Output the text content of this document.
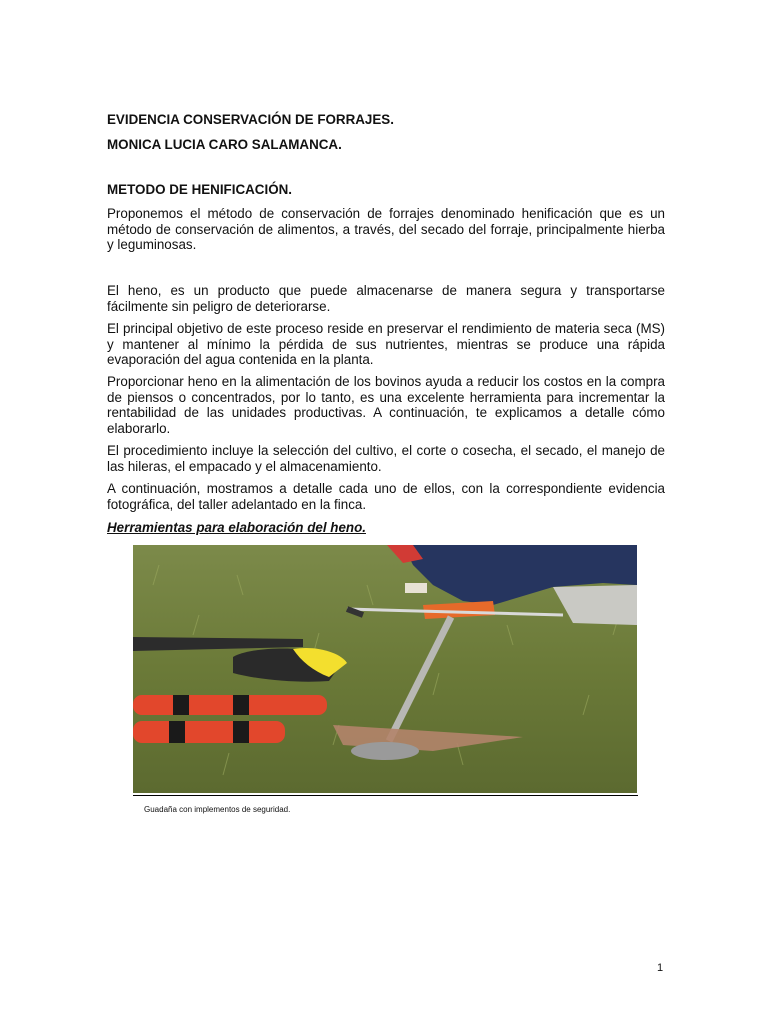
EVIDENCIA CONSERVACIÓN DE FORRAJES.
MONICA LUCIA CARO SALAMANCA.
METODO DE HENIFICACIÓN.
Proponemos el método de conservación de forrajes denominado henificación que es un método de conservación de alimentos, a través, del secado del forraje, principalmente hierba y leguminosas.
El heno, es un producto que puede almacenarse de manera segura y transportarse fácilmente sin peligro de deteriorarse.
El principal objetivo de este proceso reside en preservar el rendimiento de materia seca (MS) y mantener al mínimo la pérdida de sus nutrientes, mientras se produce una rápida evaporación del agua contenida en la planta.
Proporcionar heno en la alimentación de los bovinos ayuda a reducir los costos en la compra de piensos o concentrados, por lo tanto, es una excelente herramienta para incrementar la rentabilidad de las unidades productivas. A continuación, te explicamos a detalle cómo elaborarlo.
El procedimiento incluye la selección del cultivo, el corte o cosecha, el secado, el manejo de las hileras, el empacado y el almacenamiento.
A continuación, mostramos a detalle cada uno de ellos, con la correspondiente evidencia fotográfica, del taller adelantado en la finca.
Herramientas para elaboración del heno.
Guadaña con implementos de seguridad.
1
